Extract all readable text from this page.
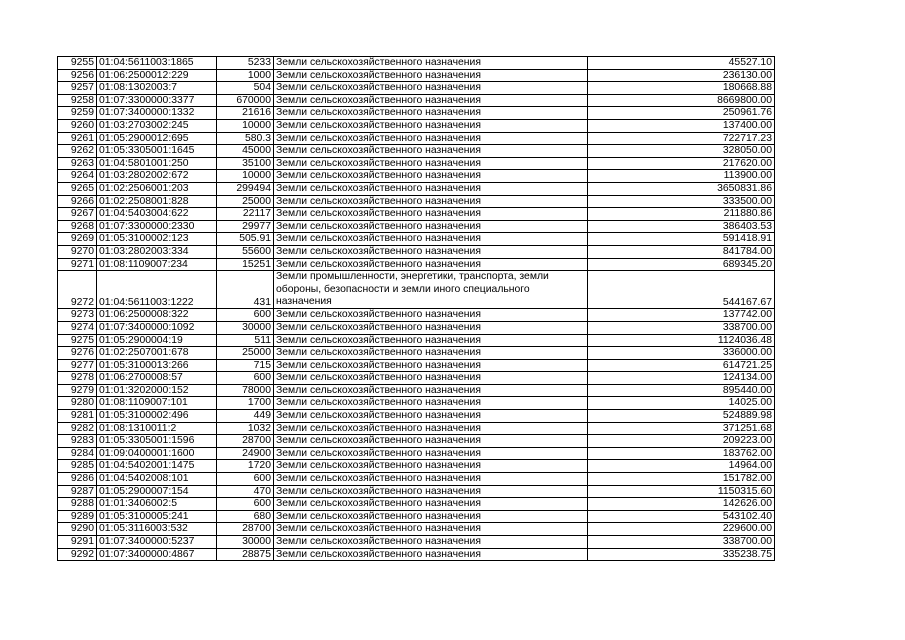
9255	01:04:5611003:1865	5233	Земли сельскохозяйственного назначения	45527.10
9256	01:06:2500012:229	1000	Земли сельскохозяйственного назначения	236130.00
9257	01:08:1302003:7	504	Земли сельскохозяйственного назначения	180668.88
9258	01:07:3300000:3377	670000	Земли сельскохозяйственного назначения	8669800.00
9259	01:07:3400000:1332	21616	Земли сельскохозяйственного назначения	250961.76
9260	01:03:2703002:245	10000	Земли сельскохозяйственного назначения	137400.00
9261	01:05:2900012:695	580.3	Земли сельскохозяйственного назначения	722717.23
9262	01:05:3305001:1645	45000	Земли сельскохозяйственного назначения	328050.00
9263	01:04:5801001:250	35100	Земли сельскохозяйственного назначения	217620.00
9264	01:03:2802002:672	10000	Земли сельскохозяйственного назначения	113900.00
9265	01:02:2506001:203	299494	Земли сельскохозяйственного назначения	3650831.86
9266	01:02:2508001:828	25000	Земли сельскохозяйственного назначения	333500.00
9267	01:04:5403004:622	22117	Земли сельскохозяйственного назначения	211880.86
9268	01:07:3300000:2330	29977	Земли сельскохозяйственного назначения	386403.53
9269	01:05:3100002:123	505.91	Земли сельскохозяйственного назначения	591418.91
9270	01:03:2802003:334	55600	Земли сельскохозяйственного назначения	841784.00
9271	01:08:1109007:234	15251	Земли сельскохозяйственного назначения	689345.20
9272	01:04:5611003:1222	431	Земли промышленности, энергетики, транспорта, земли обороны, безопасности и земли иного специального назначения	544167.67
9273	01:06:2500008:322	600	Земли сельскохозяйственного назначения	137742.00
9274	01:07:3400000:1092	30000	Земли сельскохозяйственного назначения	338700.00
9275	01:05:2900004:19	511	Земли сельскохозяйственного назначения	1124036.48
9276	01:02:2507001:678	25000	Земли сельскохозяйственного назначения	336000.00
9277	01:05:3100013:266	715	Земли сельскохозяйственного назначения	614721.25
9278	01:06:2700008:57	600	Земли сельскохозяйственного назначения	124134.00
9279	01:01:3202000:152	78000	Земли сельскохозяйственного назначения	895440.00
9280	01:08:1109007:101	1700	Земли сельскохозяйственного назначения	14025.00
9281	01:05:3100002:496	449	Земли сельскохозяйственного назначения	524889.98
9282	01:08:1310011:2	1032	Земли сельскохозяйственного назначения	371251.68
9283	01:05:3305001:1596	28700	Земли сельскохозяйственного назначения	209223.00
9284	01:09:0400001:1600	24900	Земли сельскохозяйственного назначения	183762.00
9285	01:04:5402001:1475	1720	Земли сельскохозяйственного назначения	14964.00
9286	01:04:5402008:101	600	Земли сельскохозяйственного назначения	151782.00
9287	01:05:2900007:154	470	Земли сельскохозяйственного назначения	1150315.60
9288	01:01:3406002:5	600	Земли сельскохозяйственного назначения	142626.00
9289	01:05:3100005:241	680	Земли сельскохозяйственного назначения	543102.40
9290	01:05:3116003:532	28700	Земли сельскохозяйственного назначения	229600.00
9291	01:07:3400000:5237	30000	Земли сельскохозяйственного назначения	338700.00
9292	01:07:3400000:4867	28875	Земли сельскохозяйственного назначения	335238.75
